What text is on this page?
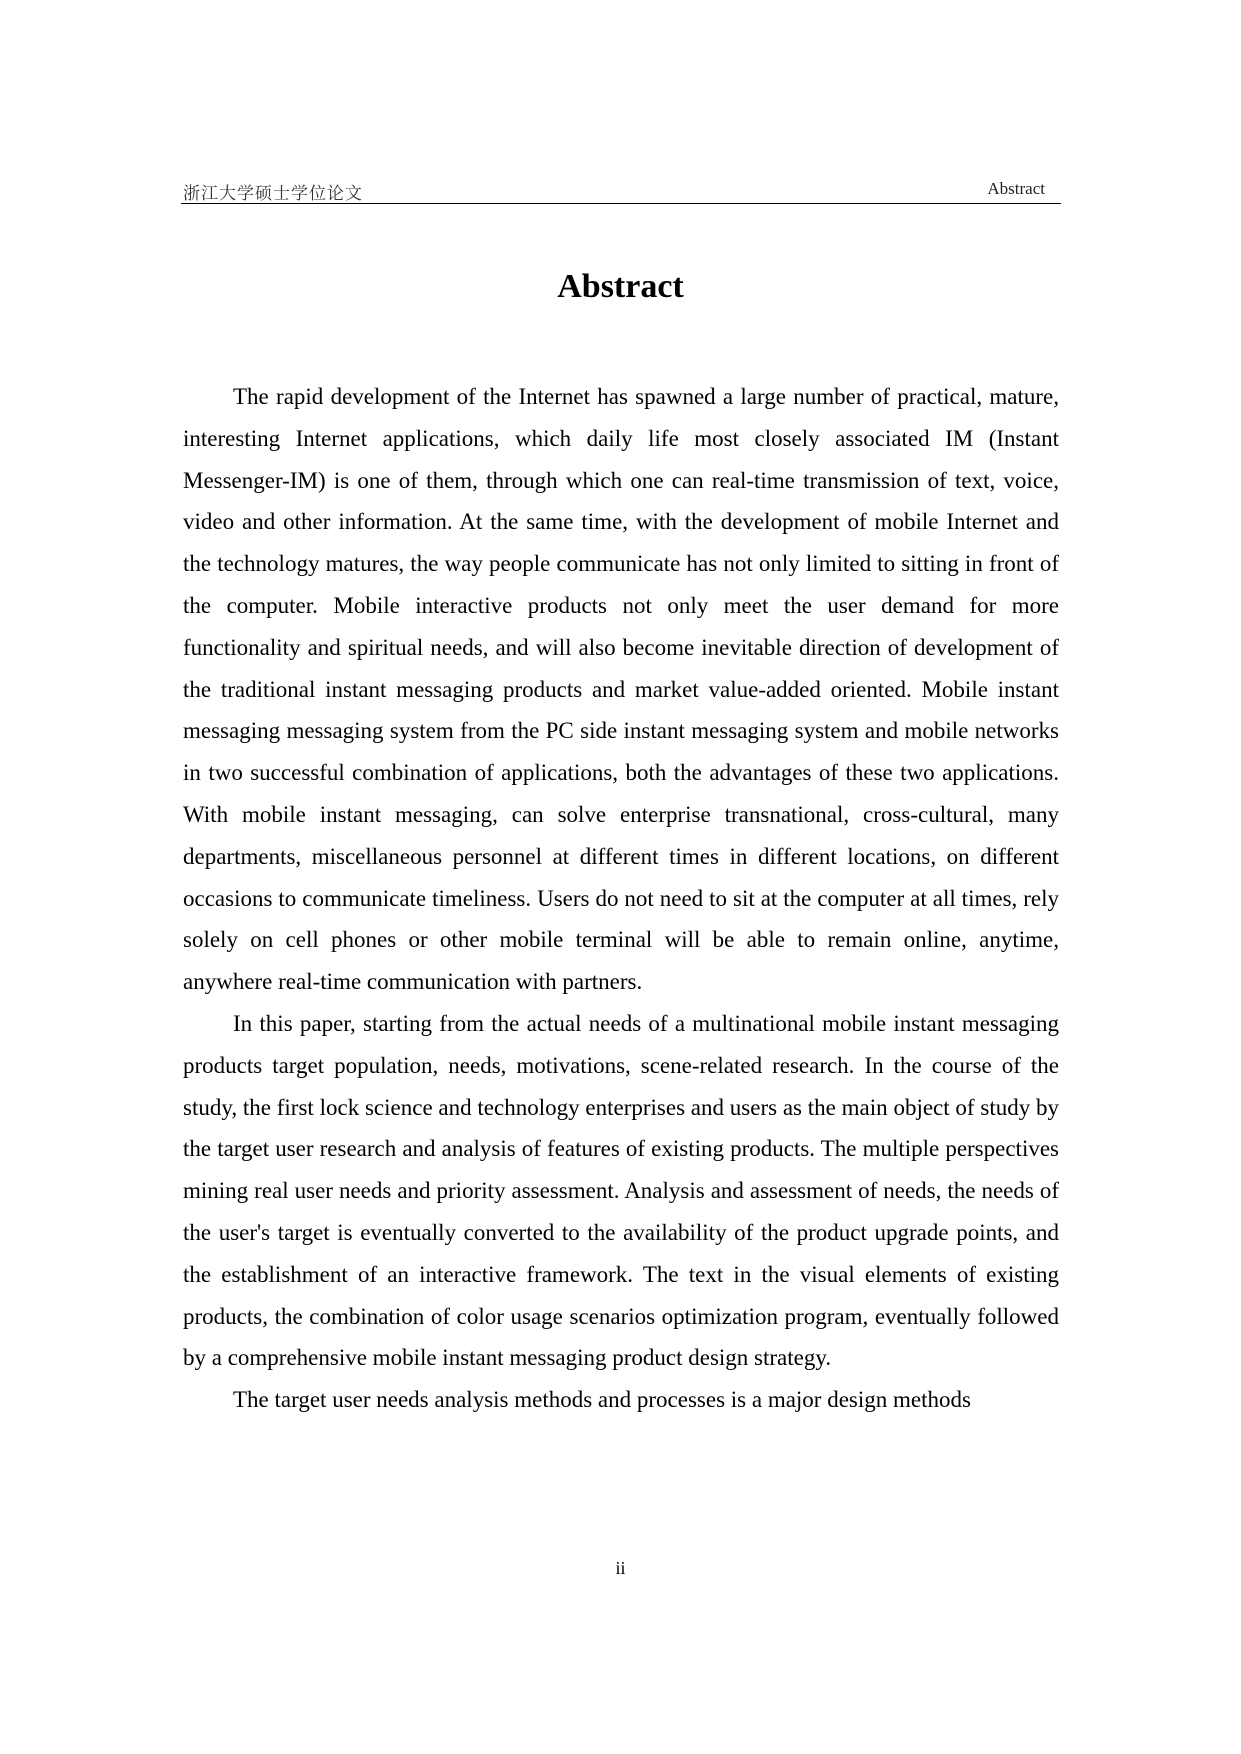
浙江大学硕士学位论文	Abstract
Abstract

The rapid development of the Internet has spawned a large number of practical, mature, interesting Internet applications, which daily life most closely associated IM (Instant Messenger-IM) is one of them, through which one can real-time transmission of text, voice, video and other information. At the same time, with the development of mobile Internet and the technology matures, the way people communicate has not only limited to sitting in front of the computer. Mobile interactive products not only meet the user demand for more functionality and spiritual needs, and will also become inevitable direction of development of the traditional instant messaging products and market value-added oriented. Mobile instant messaging messaging system from the PC side instant messaging system and mobile networks in two successful combination of applications, both the advantages of these two applications. With mobile instant messaging, can solve enterprise transnational, cross-cultural, many departments, miscellaneous personnel at different times in different locations, on different occasions to communicate timeliness. Users do not need to sit at the computer at all times, rely solely on cell phones or other mobile terminal will be able to remain online, anytime, anywhere real-time communication with partners.

In this paper, starting from the actual needs of a multinational mobile instant messaging products target population, needs, motivations, scene-related research. In the course of the study, the first lock science and technology enterprises and users as the main object of study by the target user research and analysis of features of existing products. The multiple perspectives mining real user needs and priority assessment. Analysis and assessment of needs, the needs of the user's target is eventually converted to the availability of the product upgrade points, and the establishment of an interactive framework. The text in the visual elements of existing products, the combination of color usage scenarios optimization program, eventually followed by a comprehensive mobile instant messaging product design strategy.

The target user needs analysis methods and processes is a major design methods

ii
